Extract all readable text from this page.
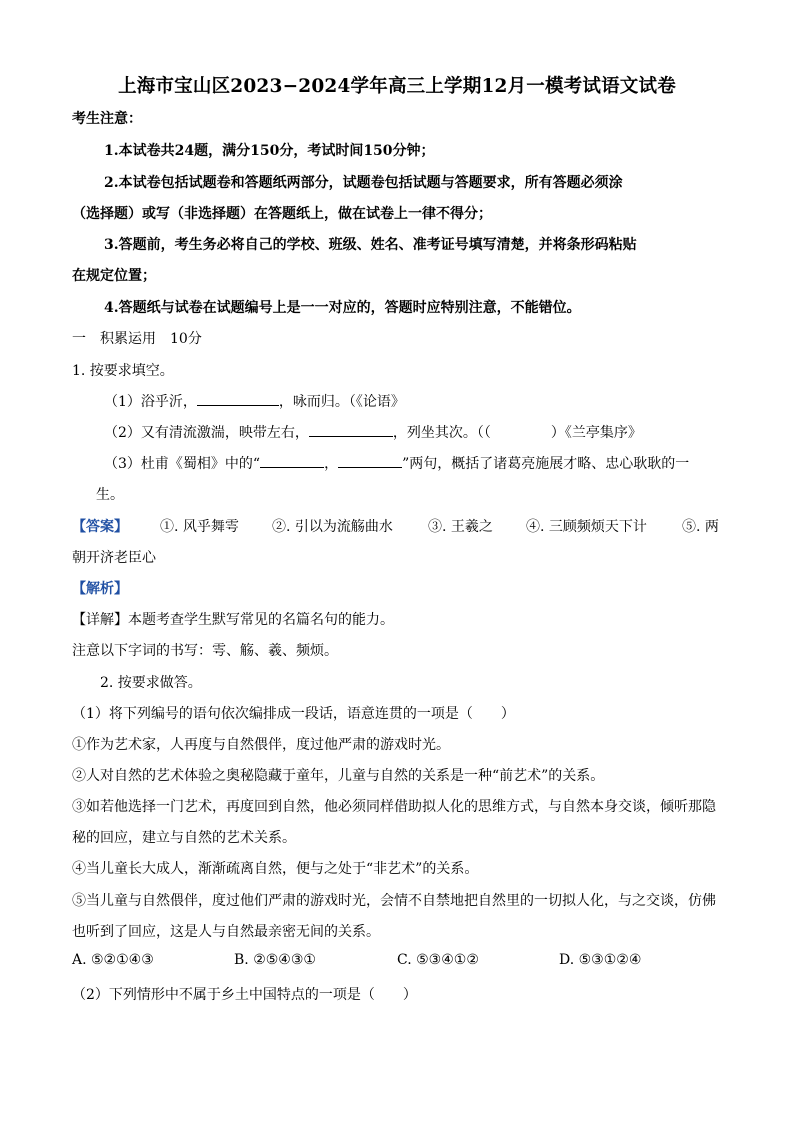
上海市宝山区2023−2024学年高三上学期12月一模考试语文试卷
考生注意：
1.本试卷共24题，满分150分，考试时间150分钟；
2.本试卷包括试题卷和答题纸两部分，试题卷包括试题与答题要求，所有答题必须涂
（选择题）或写（非选择题）在答题纸上，做在试卷上一律不得分；
3.答题前，考生务必将自己的学校、班级、姓名、准考证号填写清楚，并将条形码粘贴
在规定位置；
4.答题纸与试卷在试题编号上是一一对应的，答题时应特别注意，不能错位。
一　积累运用　10分
1. 按要求填空。
（1）浴乎沂，	，咏而归。（《论语》
（2）又有清流激湍，映带左右，	，列坐其次。（（	）《兰亭集序》
（3）杜甫《蜀相》中的“	，	”两句，概括了诸葛亮施展才略、忠心耿耿的一
生。
【答案】 ①. 风乎舞雩 ②. 引以为流觞曲水	③. 王羲之 ④. 三顾频烦天下计	⑤. 两
朝开济老臣心
【解析】
【详解】本题考查学生默写常见的名篇名句的能力。
注意以下字词的书写：雩、觞、羲、频烦。
2. 按要求做答。
（1）将下列编号的语句依次编排成一段话，语意连贯的一项是（　　）
①作为艺术家，人再度与自然偎伴，度过他严肃的游戏时光。
②人对自然的艺术体验之奥秘隐藏于童年，儿童与自然的关系是一种“前艺术”的关系。
③如若他选择一门艺术，再度回到自然，他必须同样借助拟人化的思维方式，与自然本身交谈，倾听那隐
秘的回应，建立与自然的艺术关系。
④当儿童长大成人，渐渐疏离自然，便与之处于“非艺术”的关系。
⑤当儿童与自然偎伴，度过他们严肃的游戏时光，会情不自禁地把自然里的一切拟人化，与之交谈，仿佛
也听到了回应，这是人与自然最亲密无间的关系。
A. ⑤②①④③	B. ②⑤④③①	C. ⑤③④①②	D. ⑤③①②④
（2）下列情形中不属于乡土中国特点的一项是（　　）
